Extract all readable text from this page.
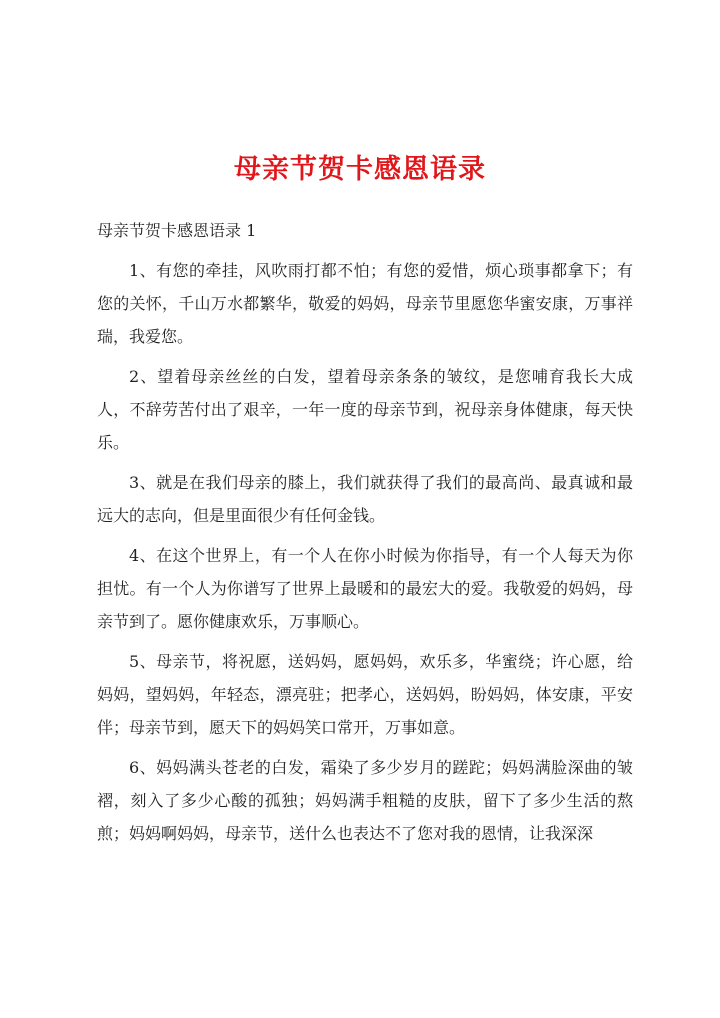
母亲节贺卡感恩语录
母亲节贺卡感恩语录 1

1、有您的牵挂，风吹雨打都不怕；有您的爱惜，烦心琐事都拿下；有您的关怀，千山万水都繁华，敬爱的妈妈，母亲节里愿您华蜜安康，万事祥瑞，我爱您。

2、望着母亲丝丝的白发，望着母亲条条的皱纹，是您哺育我长大成人，不辞劳苦付出了艰辛，一年一度的母亲节到，祝母亲身体健康，每天快乐。

3、就是在我们母亲的膝上，我们就获得了我们的最高尚、最真诚和最远大的志向，但是里面很少有任何金钱。

4、在这个世界上，有一个人在你小时候为你指导，有一个人每天为你担忧。有一个人为你谱写了世界上最暖和的最宏大的爱。我敬爱的妈妈，母亲节到了。愿你健康欢乐，万事顺心。

5、母亲节，将祝愿，送妈妈，愿妈妈，欢乐多，华蜜绕；许心愿，给妈妈，望妈妈，年轻态，漂亮驻；把孝心，送妈妈，盼妈妈，体安康，平安伴；母亲节到，愿天下的妈妈笑口常开，万事如意。

6、妈妈满头苍老的白发，霜染了多少岁月的蹉跎；妈妈满脸深曲的皱褶，刻入了多少心酸的孤独；妈妈满手粗糙的皮肤，留下了多少生活的熬煎；妈妈啊妈妈，母亲节，送什么也表达不了您对我的恩情，让我深深
